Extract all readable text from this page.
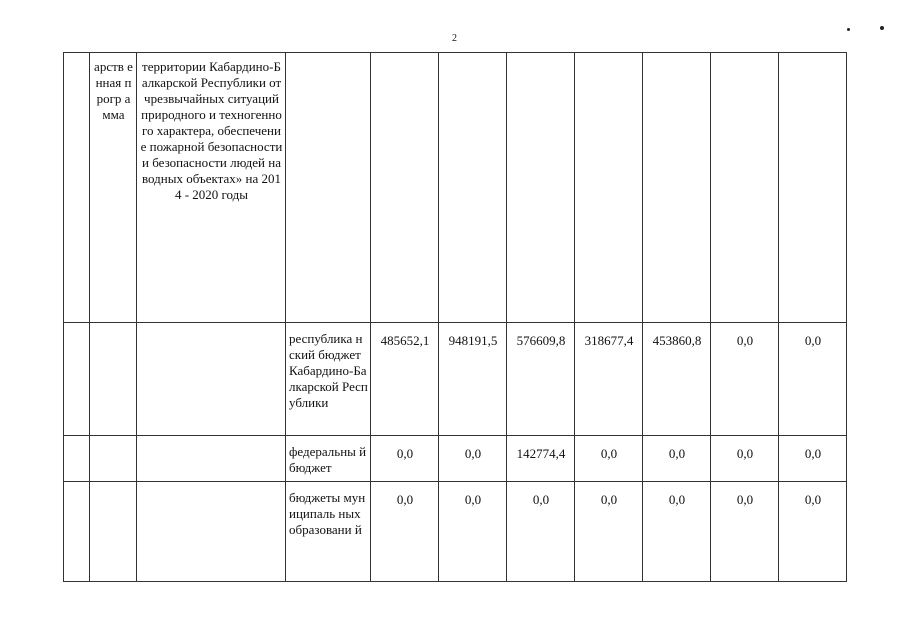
2
	арств енная прогр амма	территории Кабардино-Балкарской Республики от чрезвычайных ситуаций природного и техногенного характера, обеспечение пожарной безопасности и безопасности людей на водных объектах» на 2014 - 2020 годы								
			республика нский бюджет Кабардино-Балкарской Республики	485652,1	948191,5	576609,8	318677,4	453860,8	0,0	0,0
			федеральны й бюджет	0,0	0,0	142774,4	0,0	0,0	0,0	0,0
			бюджеты муниципаль ных образовани й	0,0	0,0	0,0	0,0	0,0	0,0	0,0
